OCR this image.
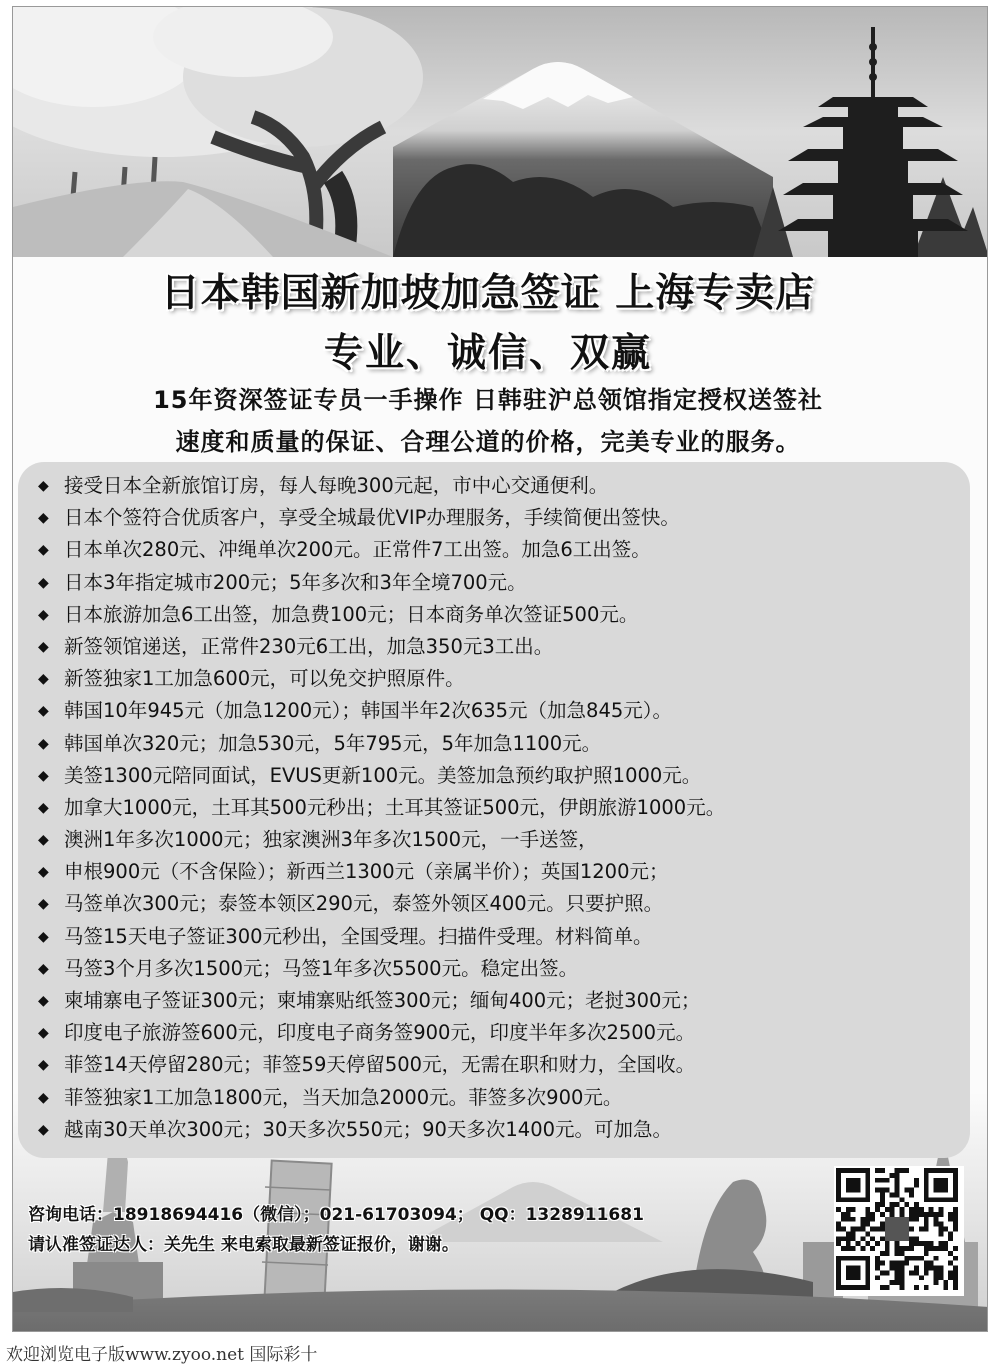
日本韩国新加坡加急签证 上海专卖店
专业、诚信、双赢
15年资深签证专员一手操作 日韩驻沪总领馆指定授权送签社
速度和质量的保证、合理公道的价格，完美专业的服务。
◆ 接受日本全新旅馆订房，每人每晚300元起，市中心交通便利。
◆ 日本个签符合优质客户，享受全城最优VIP办理服务，手续简便出签快。
◆ 日本单次280元、冲绳单次200元。正常件7工出签。加急6工出签。
◆ 日本3年指定城市200元；5年多次和3年全境700元。
◆ 日本旅游加急6工出签，加急费100元；日本商务单次签证500元。
◆ 新签领馆递送，正常件230元6工出，加急350元3工出。
◆ 新签独家1工加急600元，可以免交护照原件。
◆ 韩国10年945元（加急1200元）；韩国半年2次635元（加急845元）。
◆ 韩国单次320元；加急530元，5年795元，5年加急1100元。
◆ 美签1300元陪同面试，EVUS更新100元。美签加急预约取护照1000元。
◆ 加拿大1000元，土耳其500元秒出；土耳其签证500元，伊朗旅游1000元。
◆ 澳洲1年多次1000元；独家澳洲3年多次1500元，一手送签，
◆ 申根900元（不含保险）；新西兰1300元（亲属半价）；英国1200元；
◆ 马签单次300元；泰签本领区290元，泰签外领区400元。只要护照。
◆ 马签15天电子签证300元秒出，全国受理。扫描件受理。材料简单。
◆ 马签3个月多次1500元；马签1年多次5500元。稳定出签。
◆ 柬埔寨电子签证300元；柬埔寨贴纸签300元；缅甸400元；老挝300元；
◆ 印度电子旅游签600元，印度电子商务签900元，印度半年多次2500元。
◆ 菲签14天停留280元；菲签59天停留500元，无需在职和财力，全国收。
◆ 菲签独家1工加急1800元，当天加急2000元。菲签多次900元。
◆ 越南30天单次300元；30天多次550元；90天多次1400元。可加急。
咨询电话：18918694416（微信）；021-61703094； QQ：1328911681
请认准签证达人：关先生 来电索取最新签证报价，谢谢。
欢迎浏览电子版www.zyoo.net 国际彩十
